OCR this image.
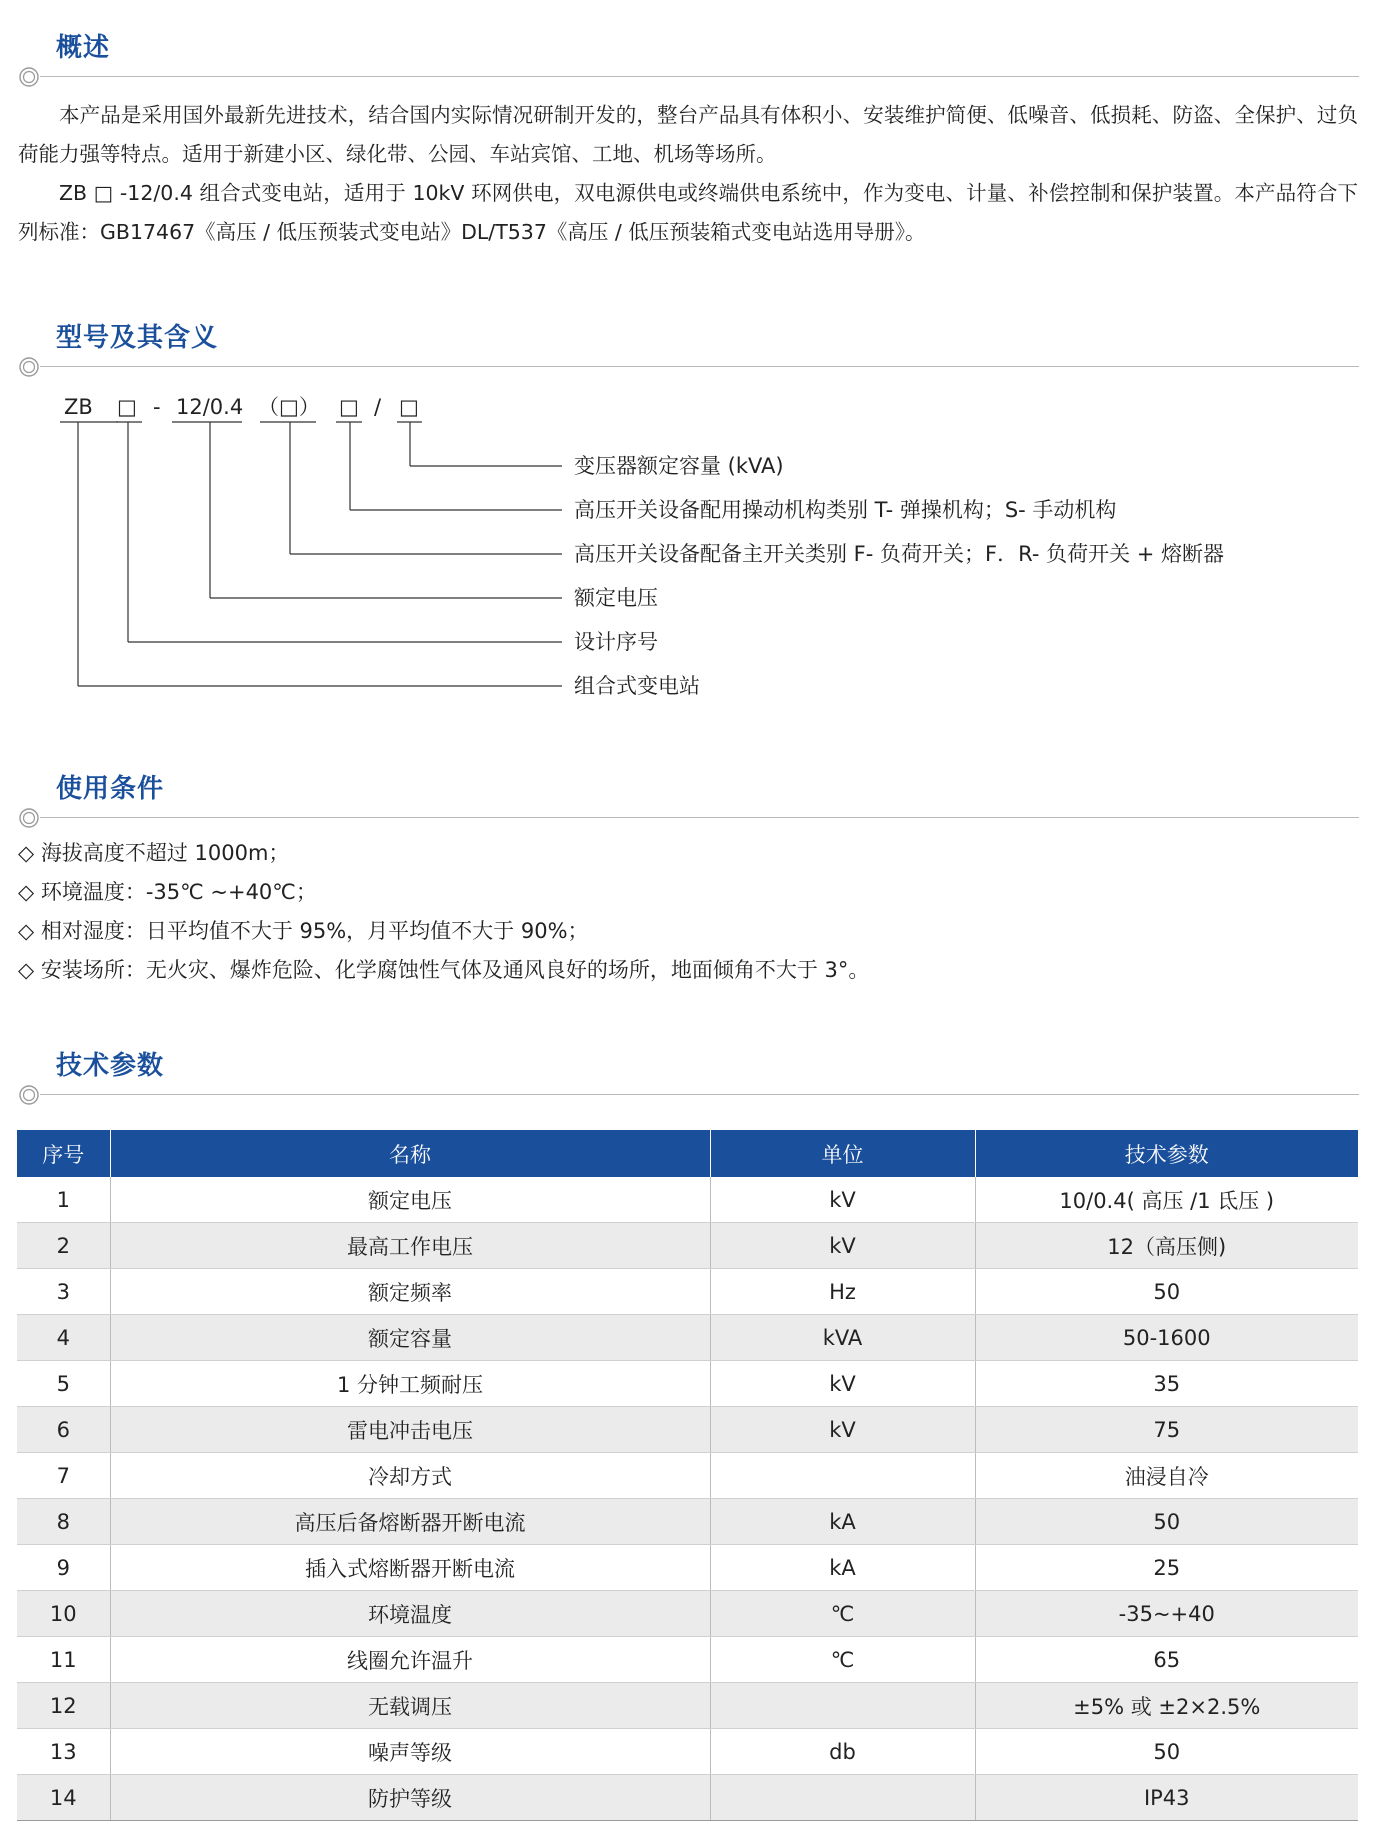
概述

本产品是采用国外最新先进技术，结合国内实际情况研制开发的，整台产品具有体积小、安装维护简便、低噪音、低损耗、防盗、全保护、过负荷能力强等特点。适用于新建小区、绿化带、公园、车站宾馆、工地、机场等场所。

ZB □ -12/0.4 组合式变电站，适用于 10kV 环网供电，双电源供电或终端供电系统中，作为变电、计量、补偿控制和保护装置。本产品符合下列标准：GB17467《高压 / 低压预装式变电站》DL/T537《高压 / 低压预装箱式变电站选用导册》。

型号及其含义
ZB □ - 12/0.4 （□） □ / □
变压器额定容量 (kVA)
高压开关设备配用操动机构类别 T- 弹操机构；S- 手动机构
高压开关设备配备主开关类别 F- 负荷开关；F．R- 负荷开关 + 熔断器
额定电压
设计序号
组合式变电站
使用条件
◇ 海拔高度不超过 1000m；
◇ 环境温度：-35℃ ~+40℃；
◇ 相对湿度：日平均值不大于 95%，月平均值不大于 90%；
◇ 安装场所：无火灾、爆炸危险、化学腐蚀性气体及通风良好的场所，地面倾角不大于 3°。
技术参数
序号	名称	单位	技术参数
1	额定电压	kV	10/0.4( 高压 /1 氐压 )
2	最高工作电压	kV	12（高压侧)
3	额定频率	Hz	50
4	额定容量	kVA	50-1600
5	1 分钟工频耐压	kV	35
6	雷电冲击电压	kV	75
7	冷却方式		油浸自冷
8	高压后备熔断器开断电流	kA	50
9	插入式熔断器开断电流	kA	25
10	环境温度	℃	-35~+40
11	线圈允许温升	℃	65
12	无载调压		±5% 或 ±2×2.5%
13	噪声等级	db	50
14	防护等级		IP43
